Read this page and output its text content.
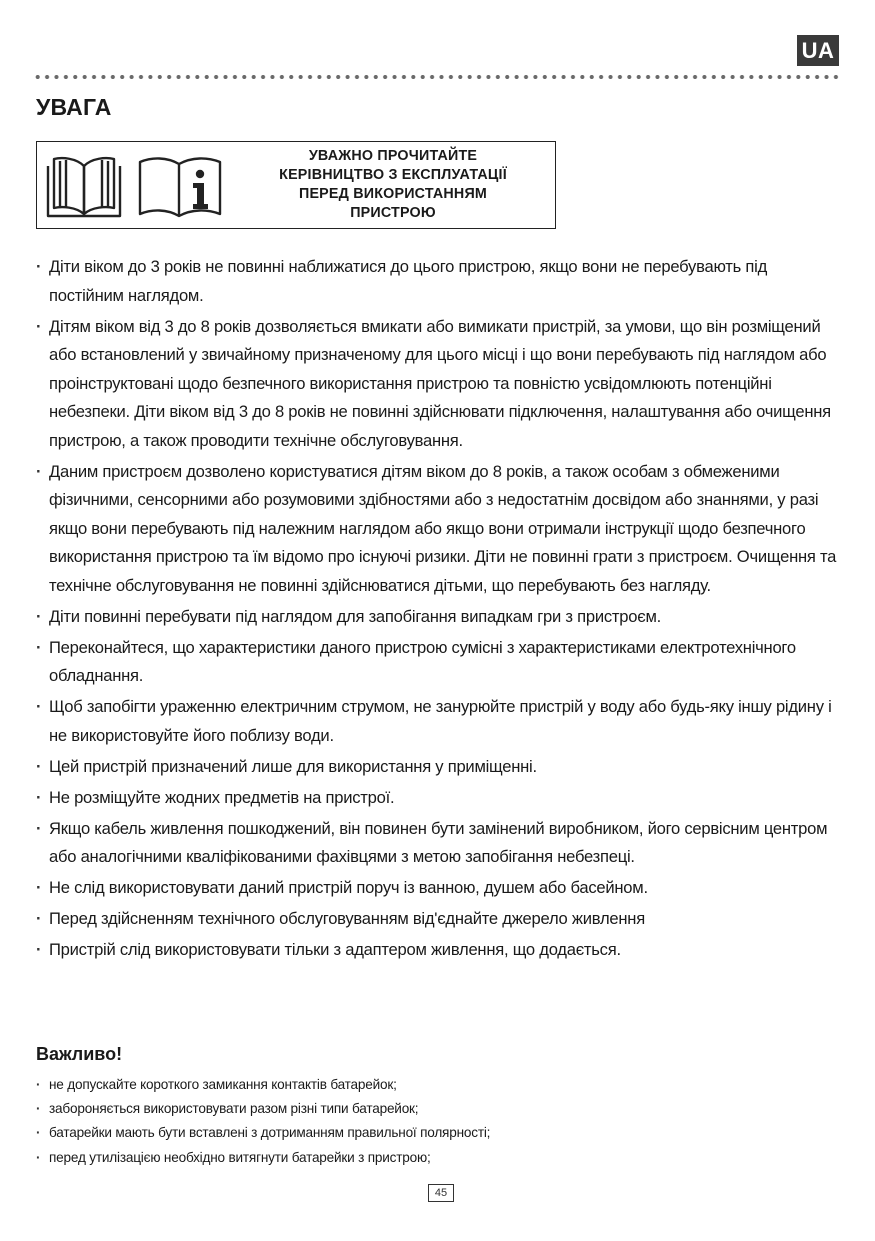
UA
УВАГА
УВАЖНО ПРОЧИТАЙТЕ
КЕРІВНИЦТВО З ЕКСПЛУАТАЦІЇ
ПЕРЕД ВИКОРИСТАННЯМ
ПРИСТРОЮ
· Діти віком до 3 років не повинні наближатися до цього пристрою, якщо вони не перебувають під постійним наглядом.
· Дітям віком від 3 до 8 років дозволяється вмикати або вимикати пристрій, за умови, що він розміщений або встановлений у звичайному призначеному для цього місці і що вони перебувають під наглядом або проінструктовані щодо безпечного використання пристрою та повністю усвідомлюють потенційні небезпеки. Діти віком від 3 до 8 років не повинні здійснювати підключення, налаштування або очищення пристрою, а також проводити технічне обслуговування.
· Даним пристроєм дозволено користуватися дітям віком до 8 років, а також особам з обмеженими фізичними, сенсорними або розумовими здібностями або з недостатнім досвідом або знаннями, у разі якщо вони перебувають під належним наглядом або якщо вони отримали інструкції щодо безпечного використання пристрою та їм відомо про існуючі ризики. Діти не повинні грати з пристроєм. Очищення та технічне обслуговування не повинні здійснюватися дітьми, що перебувають без нагляду.
· Діти повинні перебувати під наглядом для запобігання випадкам гри з пристроєм.
· Переконайтеся, що характеристики даного пристрою сумісні з характеристиками електротехнічного обладнання.
· Щоб запобігти ураженню електричним струмом, не занурюйте пристрій у воду або будь-яку іншу рідину і не використовуйте його поблизу води.
· Цей пристрій призначений лише для використання у приміщенні.
· Не розміщуйте жодних предметів на пристрої.
· Якщо кабель живлення пошкоджений, він повинен бути замінений виробником, його сервісним центром або аналогічними кваліфікованими фахівцями з метою запобігання небезпеці.
· Не слід використовувати даний пристрій поруч із ванною, душем або басейном.
· Перед здійсненням технічного обслуговуванням від'єднайте джерело живлення
· Пристрій слід використовувати тільки з адаптером живлення, що додається.
Важливо!
· не допускайте короткого замикання контактів батарейок;
· забороняється використовувати разом різні типи батарейок;
· батарейки мають бути вставлені з дотриманням правильної полярності;
· перед утилізацією необхідно витягнути батарейки з пристрою;
45
